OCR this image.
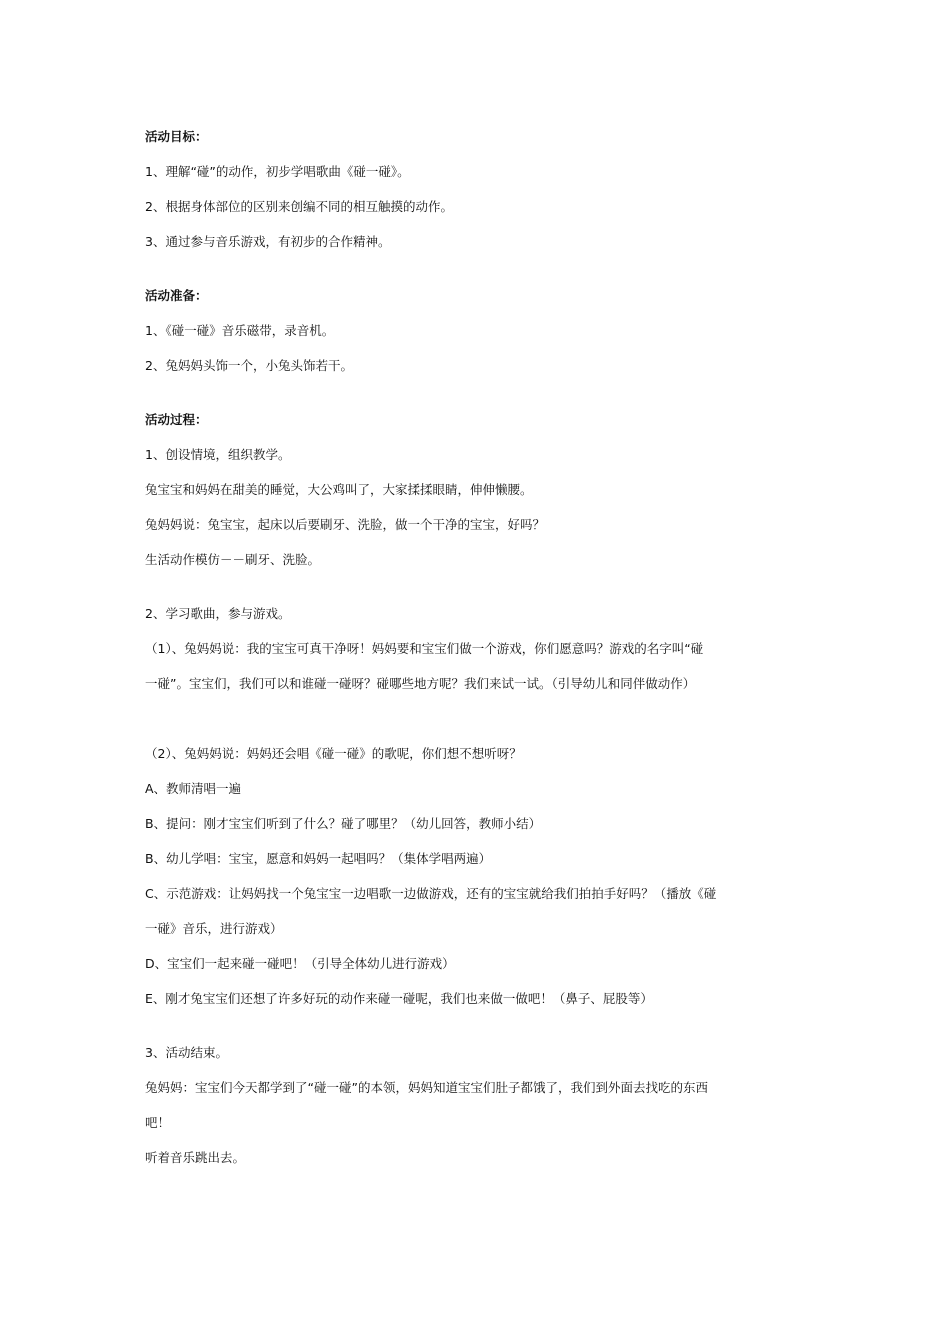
活动目标：
1、理解“碰”的动作，初步学唱歌曲《碰一碰》。
2、根据身体部位的区别来创编不同的相互触摸的动作。
3、通过参与音乐游戏，有初步的合作精神。
活动准备：
1、《碰一碰》音乐磁带，录音机。
2、兔妈妈头饰一个，小兔头饰若干。
活动过程：
1、创设情境，组织教学。
兔宝宝和妈妈在甜美的睡觉，大公鸡叫了，大家揉揉眼睛，伸伸懒腰。
兔妈妈说：兔宝宝，起床以后要刷牙、洗脸，做一个干净的宝宝，好吗？
生活动作模仿－－刷牙、洗脸。
2、学习歌曲，参与游戏。
（1）、兔妈妈说：我的宝宝可真干净呀！妈妈要和宝宝们做一个游戏，你们愿意吗？游戏的名字叫“碰
一碰”。宝宝们，我们可以和谁碰一碰呀？碰哪些地方呢？我们来试一试。（引导幼儿和同伴做动作）
（2）、兔妈妈说：妈妈还会唱《碰一碰》的歌呢，你们想不想听呀？
A、教师清唱一遍
B、提问：刚才宝宝们听到了什么？碰了哪里？（幼儿回答，教师小结）
B、幼儿学唱：宝宝，愿意和妈妈一起唱吗？（集体学唱两遍）
C、示范游戏：让妈妈找一个兔宝宝一边唱歌一边做游戏，还有的宝宝就给我们拍拍手好吗？（播放《碰
一碰》音乐，进行游戏）
D、宝宝们一起来碰一碰吧！（引导全体幼儿进行游戏）
E、刚才兔宝宝们还想了许多好玩的动作来碰一碰呢，我们也来做一做吧！（鼻子、屁股等）
3、活动结束。
兔妈妈：宝宝们今天都学到了“碰一碰”的本领，妈妈知道宝宝们肚子都饿了，我们到外面去找吃的东西
吧！
听着音乐跳出去。
